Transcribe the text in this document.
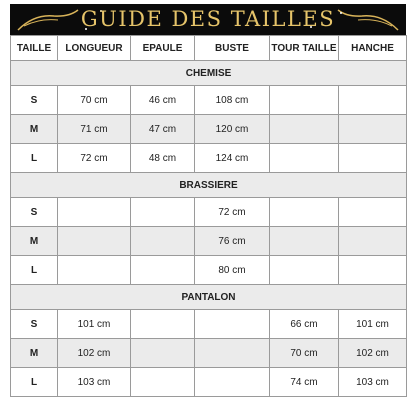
GUIDE DES TAILLES
TAILLE	LONGUEUR	EPAULE	BUSTE	TOUR TAILLE	HANCHE
CHEMISE					
S	70 cm	46 cm	108 cm		
M	71 cm	47 cm	120 cm		
L	72 cm	48 cm	124 cm		
BRASSIERE					
S			72 cm		
M			76 cm		
L			80 cm		
PANTALON					
S	101 cm			66 cm	101 cm
M	102 cm			70 cm	102 cm
L	103 cm			74 cm	103 cm
